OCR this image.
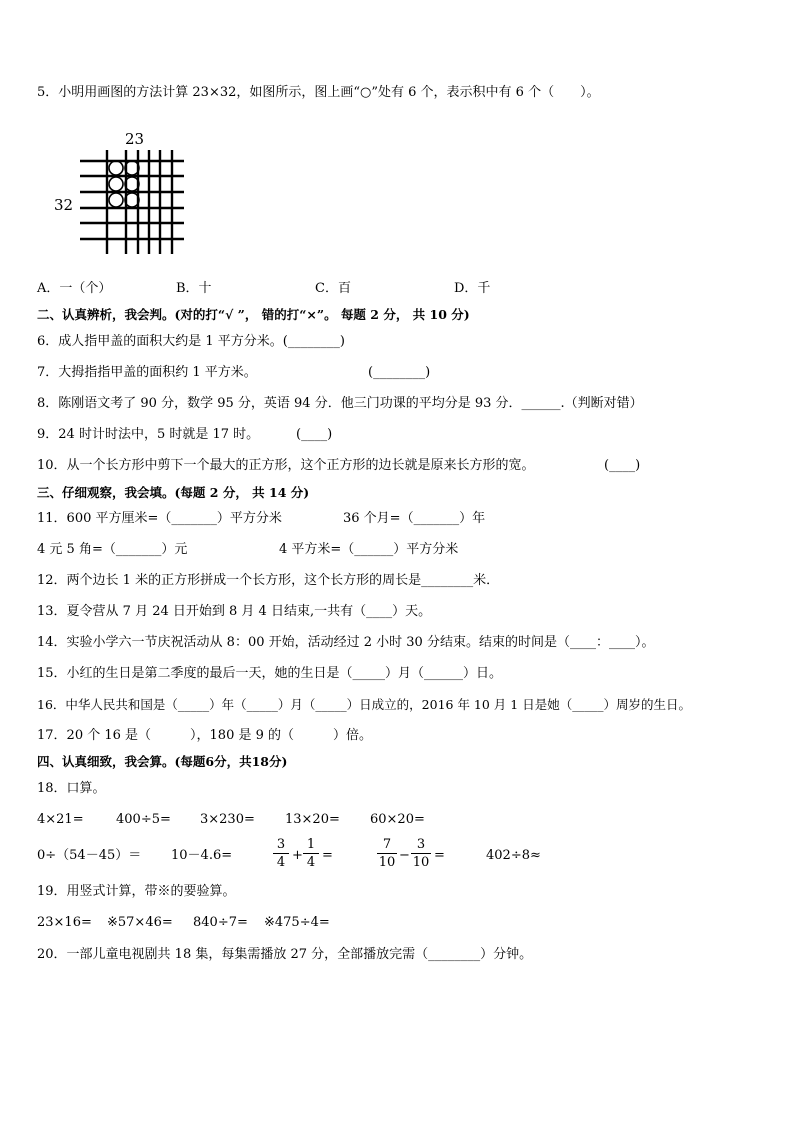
5．小明用画图的方法计算 23×32，如图所示，图上画“○”处有 6 个，表示积中有 6 个（　　）。
23
32
A．一（个）	B．十	C．百	D．千
二、认真辨析，我会判。(对的打“√ ”， 错的打“×”。 每题 2 分， 共 10 分)
6．成人指甲盖的面积大约是 1 平方分米。(________)
7．大拇指指甲盖的面积约 1 平方米。	(________)
8．陈刚语文考了 90 分，数学 95 分，英语 94 分．他三门功课的平均分是 93 分．______.（判断对错）
9．24 时计时法中，5 时就是 17 时。	(____)
10．从一个长方形中剪下一个最大的正方形，这个正方形的边长就是原来长方形的宽。	(____)
三、仔细观察，我会填。(每题 2 分， 共 14 分)
11．600 平方厘米=（_______）平方分米	36 个月=（_______）年
4 元 5 角=（_______）元	4 平方米=（______）平方分米
12．两个边长 1 米的正方形拼成一个长方形，这个长方形的周长是________米．
13．夏令营从 7 月 24 日开始到 8 月 4 日结束,一共有（____）天。
14．实验小学六一节庆祝活动从 8：00 开始，活动经过 2 小时 30 分结束。结束的时间是（____：____）。
15．小红的生日是第二季度的最后一天，她的生日是（_____）月（______）日。
16．中华人民共和国是（_____）年（_____）月（_____）日成立的，2016 年 10 月 1 日是她（_____）周岁的生日。
17．20 个 16 是（　　　），180 是 9 的（　　　）倍。
四、认真细致，我会算。(每题6分，共18分)
18．口算。
4×21= 400÷5= 3×230= 13×20= 60×20=
0÷（54－45）＝ 10－4.6=	$\frac{3}{4} + \frac{1}{4}$ =	$\frac{7}{10} - \frac{3}{10}$ =	402÷8≈
19．用竖式计算，带※的要验算。
23×16= ※57×46= 840÷7= ※475÷4=
20．一部儿童电视剧共 18 集，每集需播放 27 分，全部播放完需（________）分钟。
